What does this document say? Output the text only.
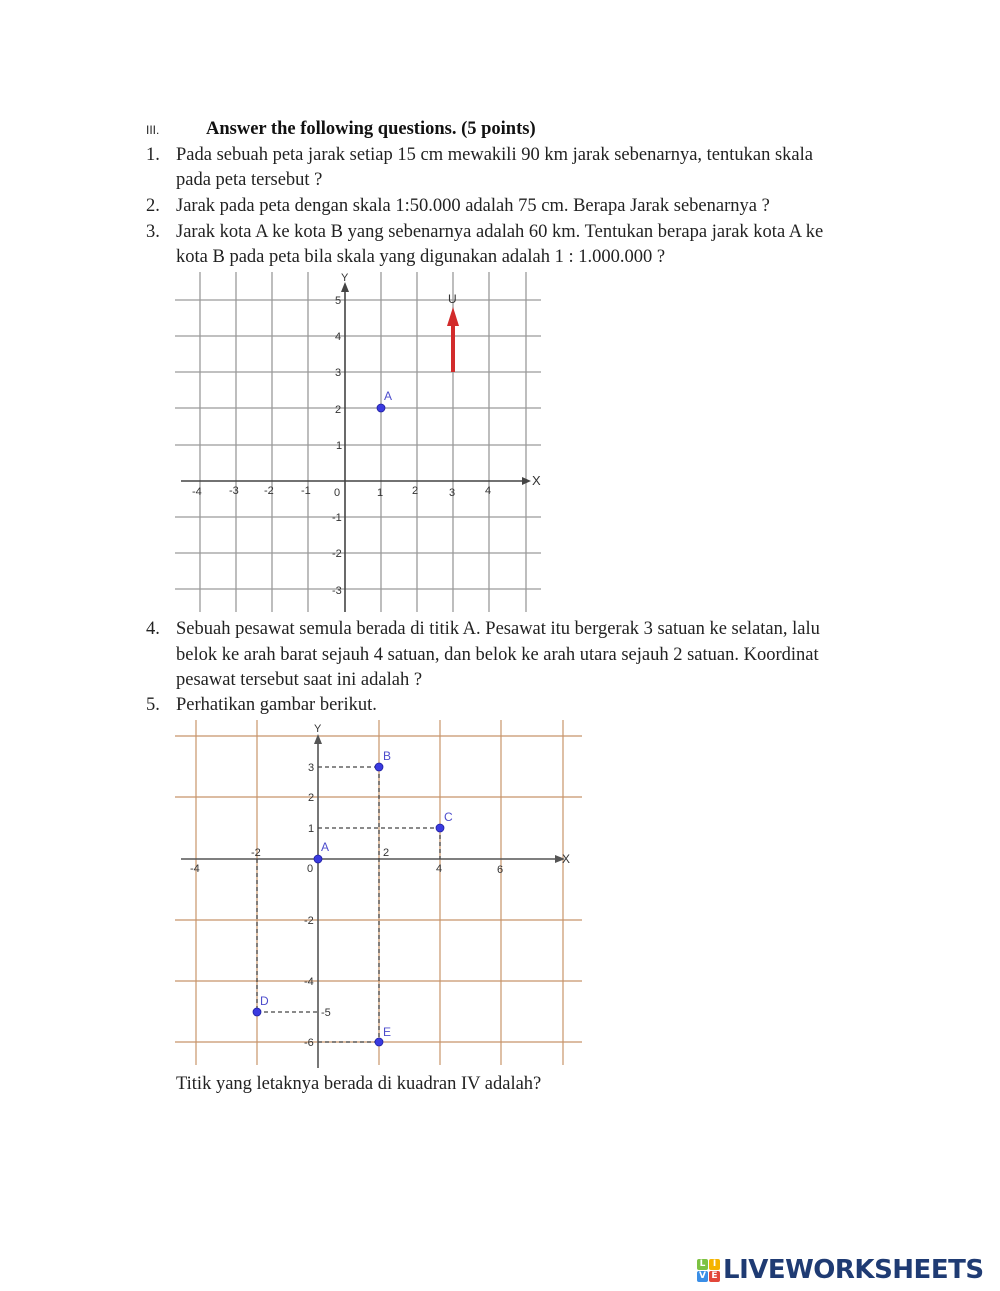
III.	Answer the following questions. (5 points)
1. Pada sebuah peta jarak setiap 15 cm mewakili 90 km jarak sebenarnya, tentukan skala
pada peta tersebut ?
2. Jarak pada peta dengan skala 1:50.000 adalah 75 cm. Berapa Jarak sebenarnya ?
3. Jarak kota A ke kota B yang sebenarnya adalah 60 km. Tentukan berapa jarak kota A ke
kota B pada peta bila skala yang digunakan adalah 1 : 1.000.000 ?
X
Y
-4 -3 -2 -1 0	1	2	3	4
5
4
3
2
1
-1
-2
-3
U
A
4. Sebuah pesawat semula berada di titik A. Pesawat itu bergerak 3 satuan ke selatan, lalu
belok ke arah barat sejauh 4 satuan, dan belok ke arah utara sejauh 2 satuan. Koordinat
pesawat tersebut saat ini adalah ?
5. Perhatikan gambar berikut.
X
Y
-4
-2
0
2
4	6
3
2
1
-2
-4
-5
-6
A
B
C
D
E
Titik yang letaknya berada di kuadran IV adalah?
L I
V E LIVEWORKSHEETS
